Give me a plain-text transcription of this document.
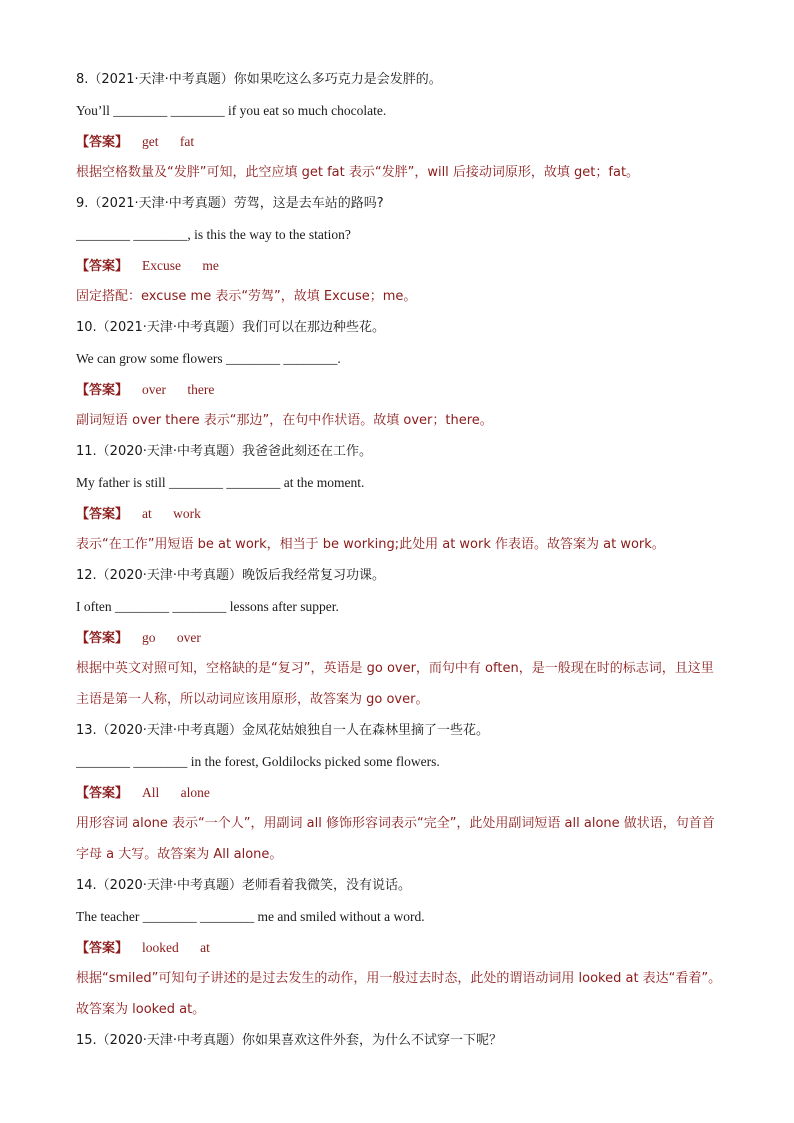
8.（2021·天津·中考真题）你如果吃这么多巧克力是会发胖的。
You’ll ________ ________ if you eat so much chocolate.
【答案】 get fat
根据空格数量及“发胖”可知，此空应填 get fat 表示“发胖”，will 后接动词原形，故填 get；fat。
9.（2021·天津·中考真题）劳驾，这是去车站的路吗?
________ ________, is this the way to the station?
【答案】 Excuse me
固定搭配：excuse me 表示“劳驾”，故填 Excuse；me。
10.（2021·天津·中考真题）我们可以在那边种些花。
We can grow some flowers ________ ________.
【答案】 over there
副词短语 over there 表示“那边”，在句中作状语。故填 over；there。
11.（2020·天津·中考真题）我爸爸此刻还在工作。
My father is still ________ ________ at the moment.
【答案】 at work
表示“在工作”用短语 be at work，相当于 be working;此处用 at work 作表语。故答案为 at work。
12.（2020·天津·中考真题）晚饭后我经常复习功课。
I often ________ ________ lessons after supper.
【答案】 go over
根据中英文对照可知，空格缺的是“复习”，英语是 go over，而句中有 often，是一般现在时的标志词，且这里主语是第一人称，所以动词应该用原形，故答案为 go over。
13.（2020·天津·中考真题）金凤花姑娘独自一人在森林里摘了一些花。
________ ________ in the forest, Goldilocks picked some flowers.
【答案】 All alone
用形容词 alone 表示“一个人”，用副词 all 修饰形容词表示“完全”，此处用副词短语 all alone 做状语，句首首字母 a 大写。故答案为 All alone。
14.（2020·天津·中考真题）老师看着我微笑，没有说话。
The teacher ________ ________ me and smiled without a word.
【答案】 looked at
根据“smiled”可知句子讲述的是过去发生的动作，用一般过去时态，此处的谓语动词用 looked at 表达“看着”。故答案为 looked at。
15.（2020·天津·中考真题）你如果喜欢这件外套，为什么不试穿一下呢？
